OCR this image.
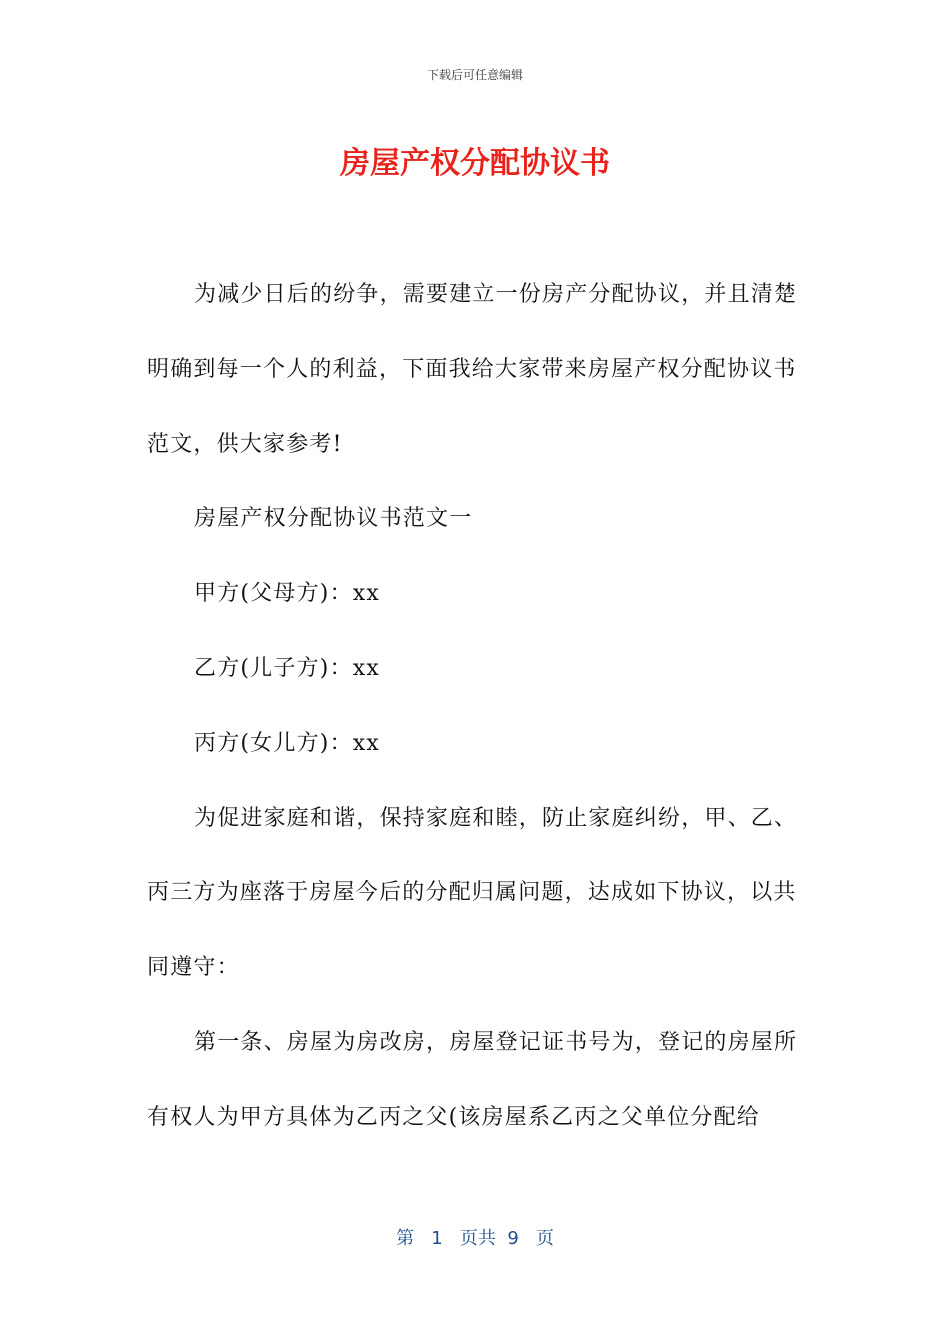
下载后可任意编辑
房屋产权分配协议书

为减少日后的纷争，需要建立一份房产分配协议，并且清楚明确到每一个人的利益，下面我给大家带来房屋产权分配协议书范文，供大家参考!

房屋产权分配协议书范文一

甲方(父母方)：xx

乙方(儿子方)：xx

丙方(女儿方)：xx

为促进家庭和谐，保持家庭和睦，防止家庭纠纷，甲、乙、丙三方为座落于房屋今后的分配归属问题，达成如下协议，以共同遵守：

第一条、房屋为房改房，房屋登记证书号为，登记的房屋所有权人为甲方具体为乙丙之父(该房屋系乙丙之父单位分配给

第 1 页共 9 页
